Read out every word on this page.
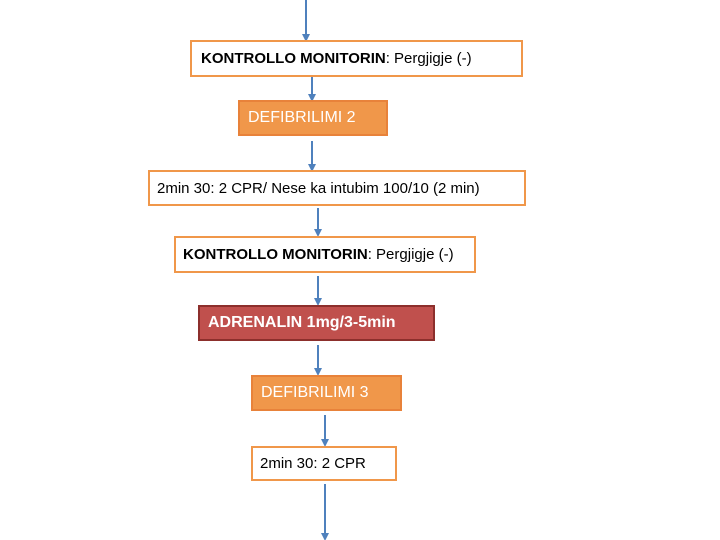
KONTROLLO MONITORIN : Pergjigje (-)
DEFIBRILIMI 2
2min 30: 2 CPR/ Nese ka intubim 100/10 (2 min)
KONTROLLO MONITORIN : Pergjigje (-)
ADRENALIN 1mg/3-5min
DEFIBRILIMI 3
2min 30: 2 CPR
